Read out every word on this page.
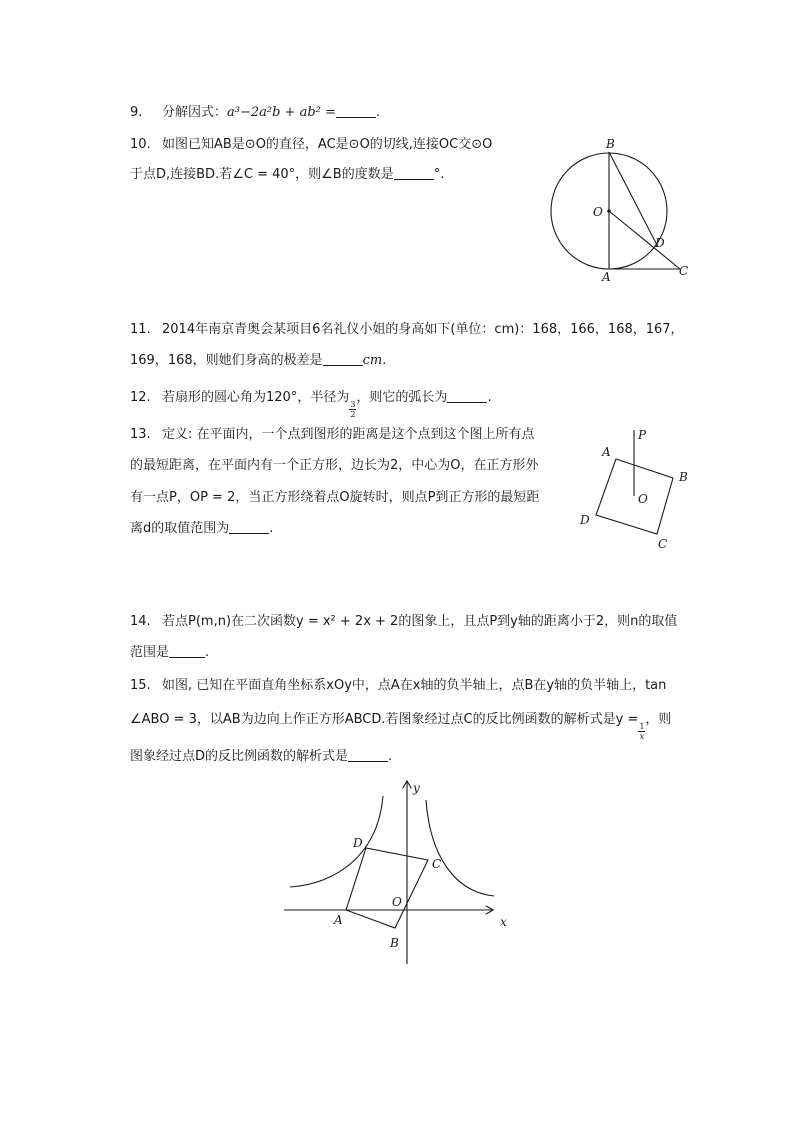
9. 分解因式：a³−2a²b + ab² =	.
10. 如图已知AB是⊙O的直径，AC是⊙O的切线,连接OC交⊙O
于点D,连接BD.若∠C = 40°，则∠B的度数是	°.
B
O
D
A	C
11. 2014年南京青奥会某项目6名礼仪小姐的身高如下(单位：cm)：168，166，168，167，
169，168，则她们身高的极差是	cm.
12. 若扇形的圆心角为120°，半径为
$\frac{3}{2}$
，则它的弧长为	.
13. 定义: 在平面内，一个点到图形的距离是这个点到这个图上所有点
的最短距离，在平面内有一个正方形，边长为2，中心为O，在正方形外
有一点P，OP = 2，当正方形绕着点O旋转时，则点P到正方形的最短距
离d的取值范围为	.
P
A
B
O
D
C
14. 若点P(m,n)在二次函数y = x² + 2x + 2的图象上，且点P到y轴的距离小于2，则n的取值
范围是	.
15. 如图, 已知在平面直角坐标系xOy中，点A在x轴的负半轴上，点B在y轴的负半轴上，tan
∠ABO = 3，以AB为边向上作正方形ABCD.若图象经过点C的反比例函数的解析式是y =
$\frac{1}{x}$
，则
图象经过点D的反比例函数的解析式是	.
y
D
C
O
A	x
B
